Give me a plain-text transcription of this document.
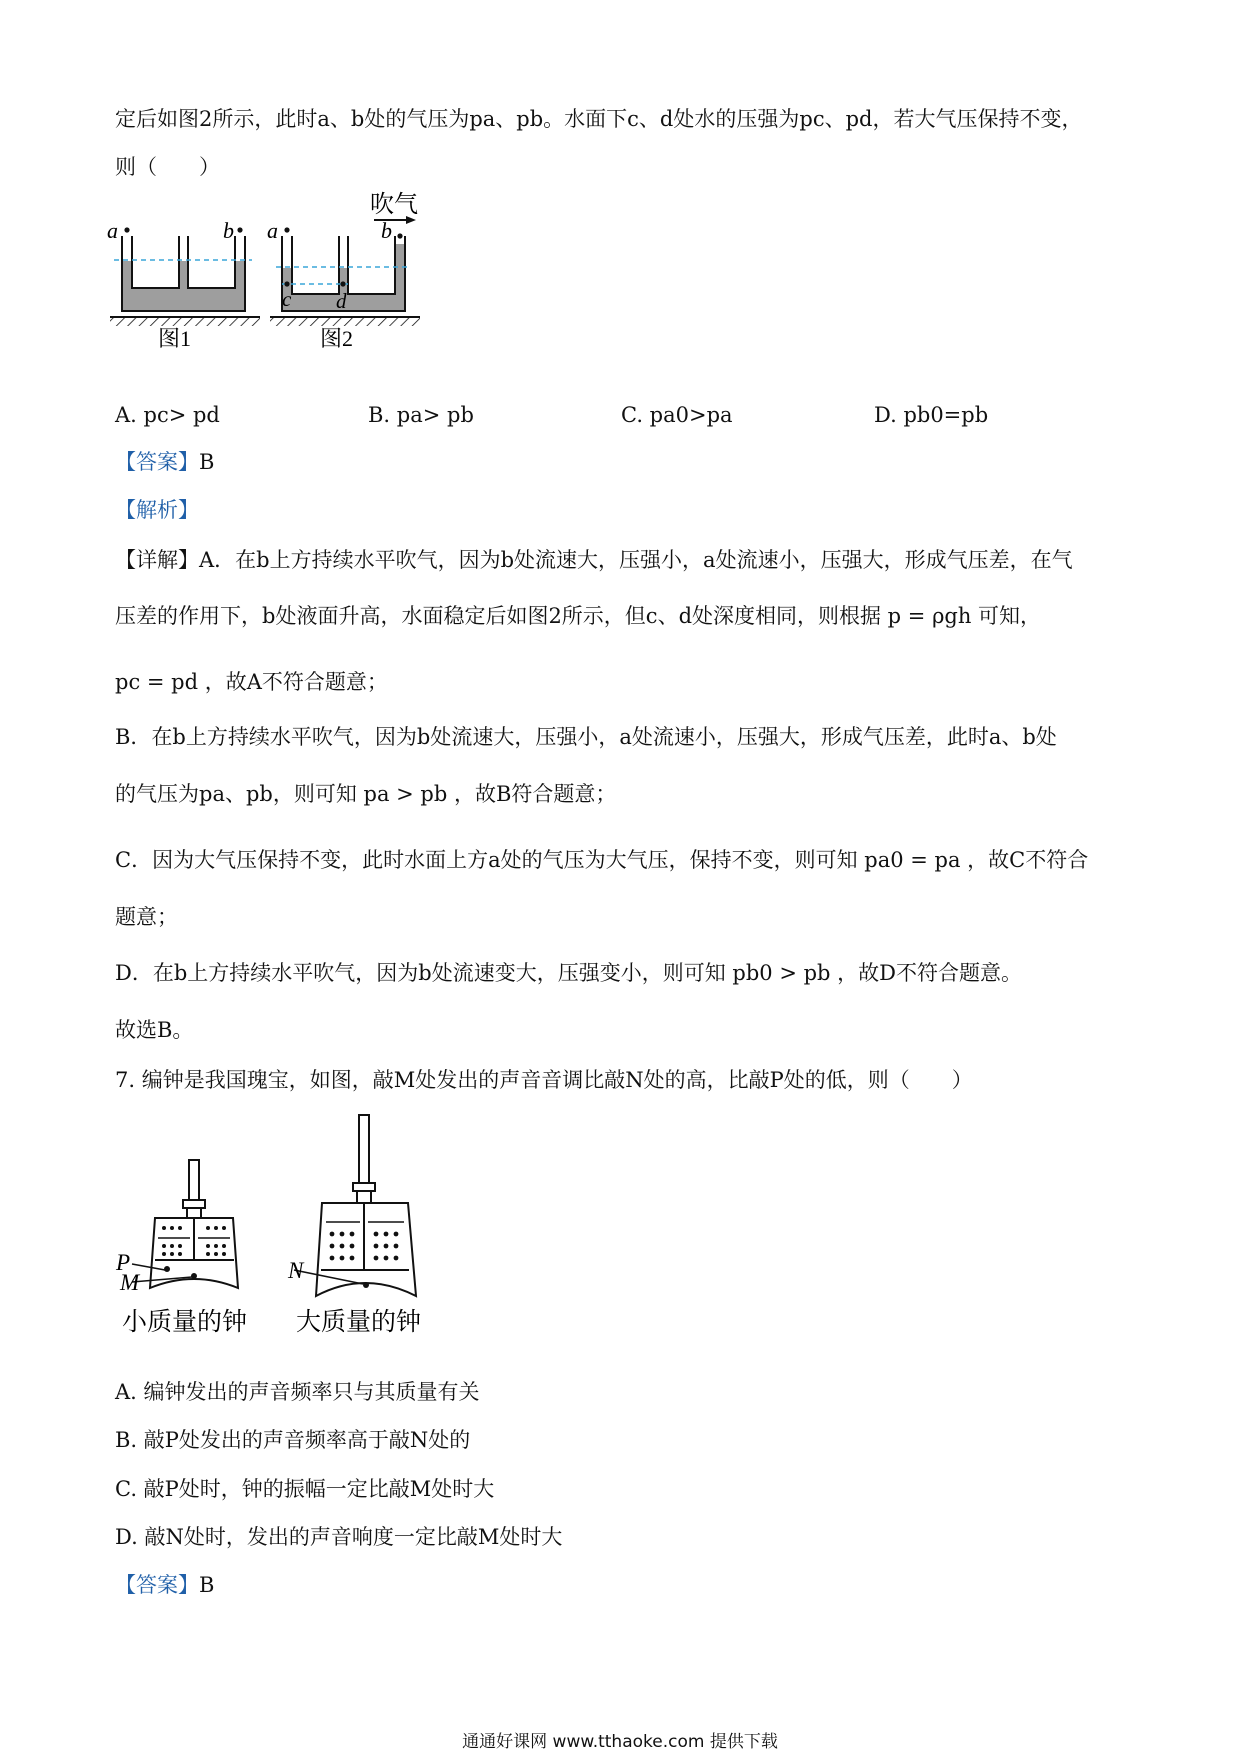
定后如图2所示，此时a、b处的气压为pa、pb。水面下c、d处水的压强为pc、pd，若大气压保持不变，
则（　　）
a	b
图1
a	b
c d
吹气
图2
A. pc> pd	B. pa> pb	C. pa0>pa	D. pb0=pb
【答案】B
【解析】
【详解】A．在b上方持续水平吹气，因为b处流速大，压强小，a处流速小，压强大，形成气压差，在气
压差的作用下，b处液面升高，水面稳定后如图2所示，但c、d处深度相同，则根据 p = ρgh 可知，
pc = pd ，故A不符合题意；
B．在b上方持续水平吹气，因为b处流速大，压强小，a处流速小，压强大，形成气压差，此时a、b处
的气压为pa、pb，则可知 pa > pb ，故B符合题意；
C．因为大气压保持不变，此时水面上方a处的气压为大气压，保持不变，则可知 pa0 = pa ，故C不符合
题意；
D．在b上方持续水平吹气，因为b处流速变大，压强变小，则可知 pb0 > pb ，故D不符合题意。
故选B。
7. 编钟是我国瑰宝，如图，敲M处发出的声音音调比敲N处的高，比敲P处的低，则（　　）
P
M
小质量的钟
N
大质量的钟
A. 编钟发出的声音频率只与其质量有关
B. 敲P处发出的声音频率高于敲N处的
C. 敲P处时，钟的振幅一定比敲M处时大
D. 敲N处时，发出的声音响度一定比敲M处时大
【答案】B
通通好课网 www.tthaoke.com 提供下载
